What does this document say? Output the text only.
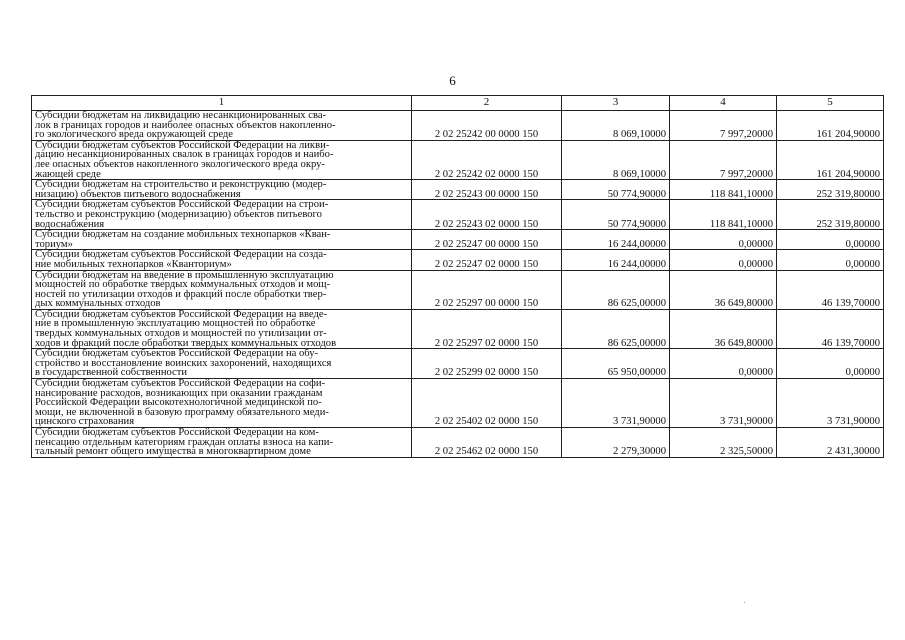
6
1	2	3	4	5

Субсидии бюджетам на ликвидацию несанкционированных сва-
лок в границах городов и наиболее опасных объектов накопленно-
го экологического вреда окружающей среде	2 02 25242 00 0000 150	8 069,10000	7 997,20000	161 204,90000

Субсидии бюджетам субъектов Российской Федерации на ликви-
дацию несанкционированных свалок в границах городов и наибо-
лее опасных объектов накопленного экологического вреда окру-
жающей среде	2 02 25242 02 0000 150	8 069,10000	7 997,20000	161 204,90000

Субсидии бюджетам на строительство и реконструкцию (модер-
низацию) объектов питьевого водоснабжения	2 02 25243 00 0000 150	50 774,90000	118 841,10000	252 319,80000

Субсидии бюджетам субъектов Российской Федерации на строи-
тельство и реконструкцию (модернизацию) объектов питьевого
водоснабжения	2 02 25243 02 0000 150	50 774,90000	118 841,10000	252 319,80000

Субсидии бюджетам на создание мобильных технопарков «Кван-
ториум»	2 02 25247 00 0000 150	16 244,00000	0,00000	0,00000

Субсидии бюджетам субъектов Российской Федерации на созда-
ние мобильных технопарков «Кванториум»	2 02 25247 02 0000 150	16 244,00000	0,00000	0,00000

Субсидии бюджетам на введение в промышленную эксплуатацию
мощностей по обработке твердых коммунальных отходов и мощ-
ностей по утилизации отходов и фракций после обработки твер-
дых коммунальных отходов	2 02 25297 00 0000 150	86 625,00000	36 649,80000	46 139,70000

Субсидии бюджетам субъектов Российской Федерации на введе-
ние в промышленную эксплуатацию мощностей по обработке
твердых коммунальных отходов и мощностей по утилизации от-
ходов и фракций после обработки твердых коммунальных отходов	2 02 25297 02 0000 150	86 625,00000	36 649,80000	46 139,70000

Субсидии бюджетам субъектов Российской Федерации на обу-
стройство и восстановление воинских захоронений, находящихся
в государственной собственности	2 02 25299 02 0000 150	65 950,00000	0,00000	0,00000

Субсидии бюджетам субъектов Российской Федерации на софи-
нансирование расходов, возникающих при оказании гражданам
Российской Федерации высокотехнологичной медицинской по-
мощи, не включенной в базовую программу обязательного меди-
цинского страхования	2 02 25402 02 0000 150	3 731,90000	3 731,90000	3 731,90000

Субсидии бюджетам субъектов Российской Федерации на ком-
пенсацию отдельным категориям граждан оплаты взноса на капи-
тальный ремонт общего имущества в многоквартирном доме	2 02 25462 02 0000 150	2 279,30000	2 325,50000	2 431,30000
